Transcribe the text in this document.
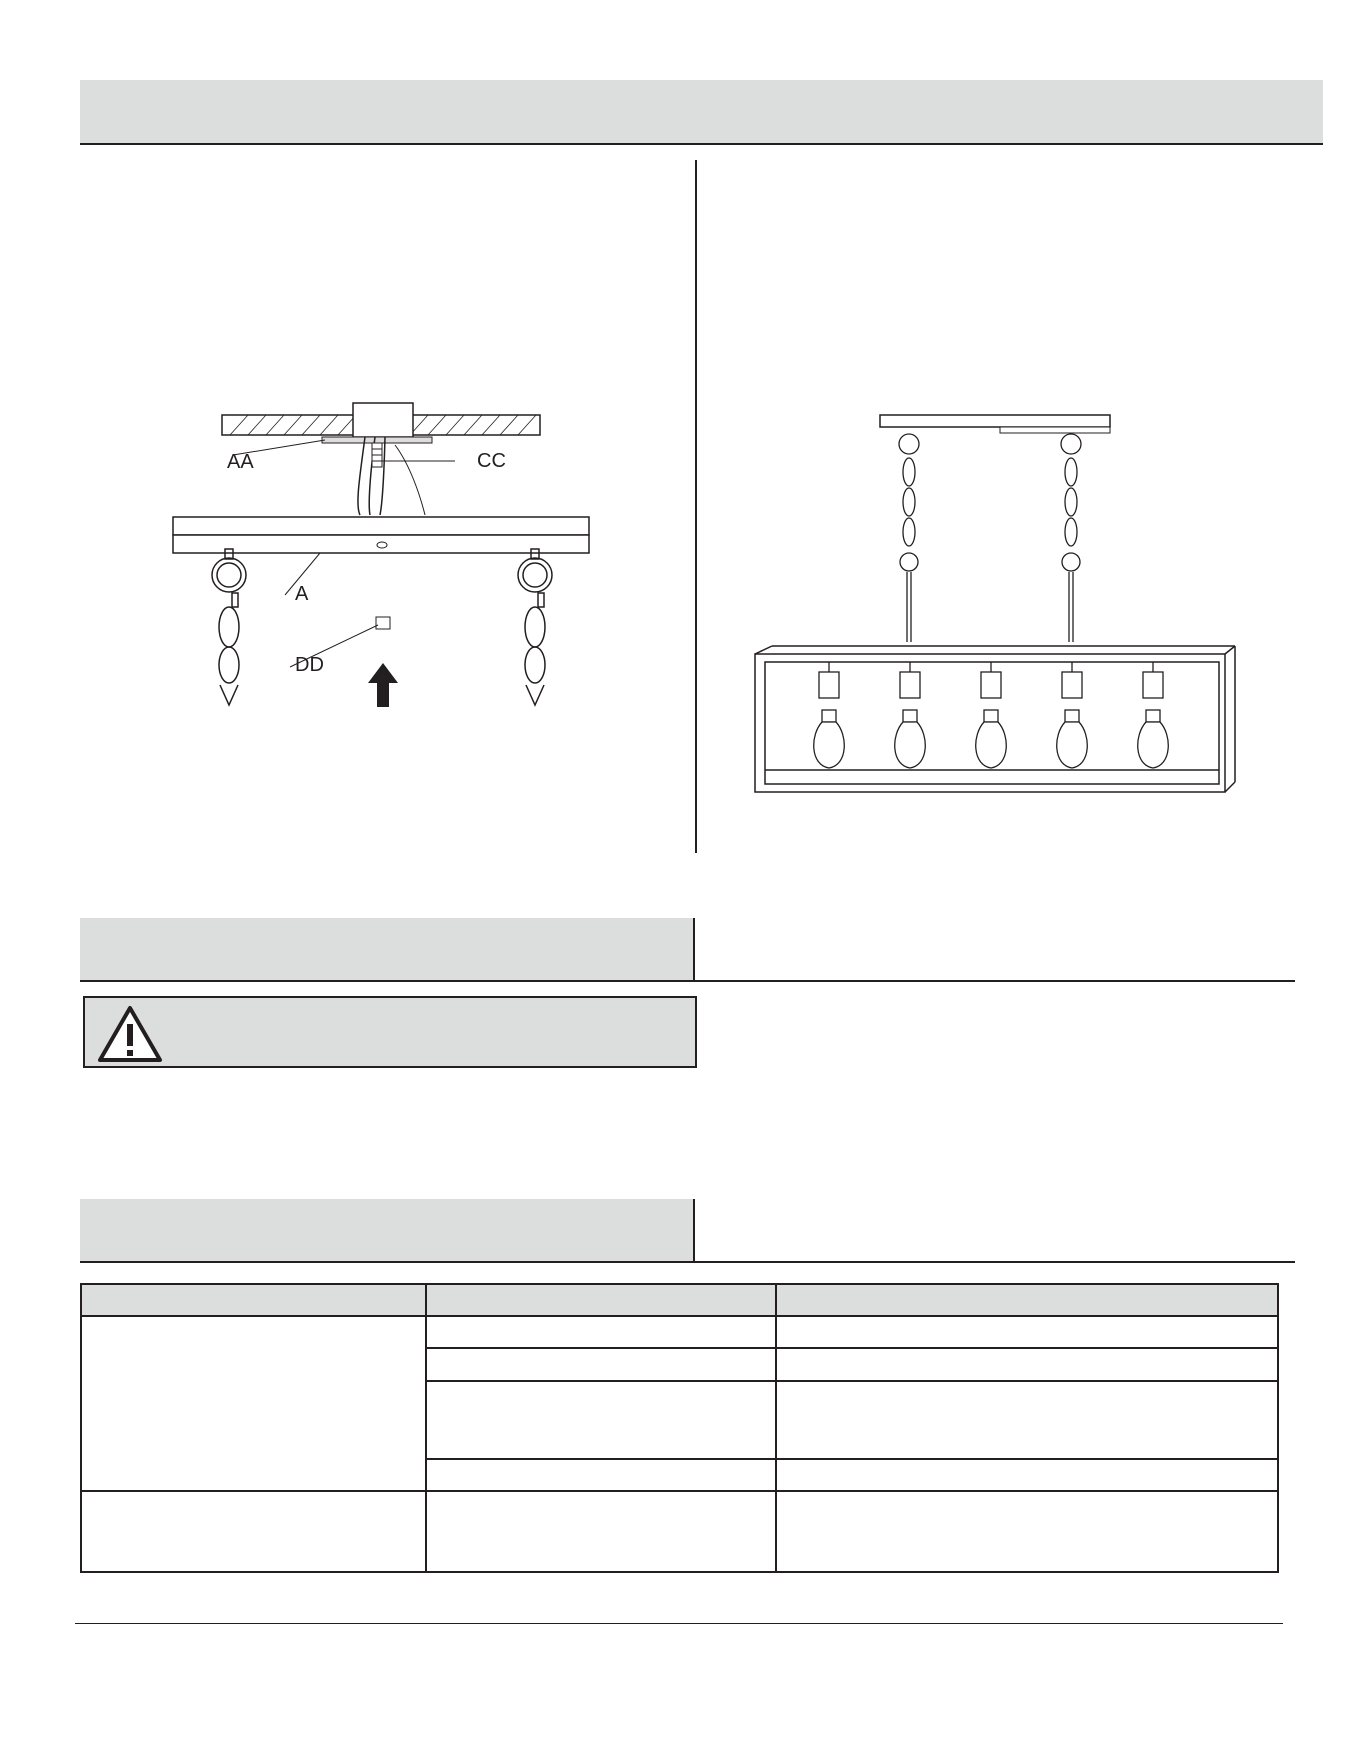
AA	CC
A
DD
